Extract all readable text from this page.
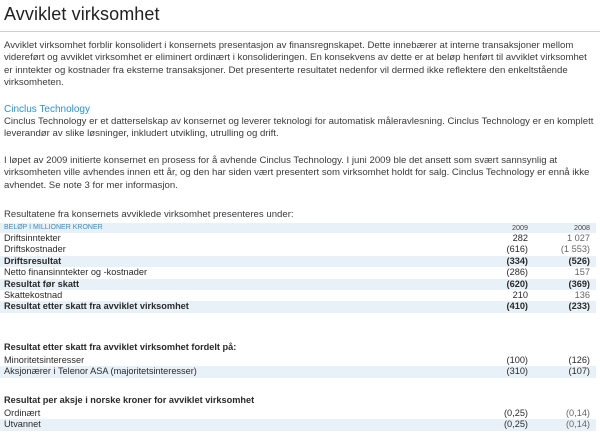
Avviklet virksomhet

Avviklet virksomhet forblir konsolidert i konsernets presentasjon av finansregnskapet. Dette innebærer at interne transaksjoner mellom videreført og avviklet virksomhet er eliminert ordinært i konsolideringen. En konsekvens av dette er at beløp henført til avviklet virksomhet er inntekter og kostnader fra eksterne transaksjoner. Det presenterte resultatet nedenfor vil dermed ikke reflektere den enkeltstående virksomheten.

Cinclus Technology

Cinclus Technology er et datterselskap av konsernet og leverer teknologi for automatisk måleravlesning. Cinclus Technology er en komplett leverandør av slike løsninger, inkludert utvikling, utrulling og drift.

I løpet av 2009 initierte konsernet en prosess for å avhende Cinclus Technology. I juni 2009 ble det ansett som svært sannsynlig at virksomheten ville avhendes innen ett år, og den har siden vært presentert som virksomhet holdt for salg. Cinclus Technology er ennå ikke avhendet. Se note 3 for mer informasjon.

Resultatene fra konsernets avviklede virksomhet presenteres under:

BELØP I MILLIONER KRONER	2009	2008
Driftsinntekter	282	1 027
Driftskostnader	(616)	(1 553)
Driftsresultat	(334)	(526)
Netto finansinntekter og -kostnader	(286)	157
Resultat før skatt	(620)	(369)
Skattekostnad	210	136
Resultat etter skatt fra avviklet virksomhet	(410)	(233)

Resultat etter skatt fra avviklet virksomhet fordelt på:

Minoritetsinteresser	(100)	(126)
Aksjonærer i Telenor ASA (majoritetsinteresser)	(310)	(107)

Resultat per aksje i norske kroner for avviklet virksomhet

Ordinært	(0,25)	(0,14)
Utvannet	(0,25)	(0,14)
